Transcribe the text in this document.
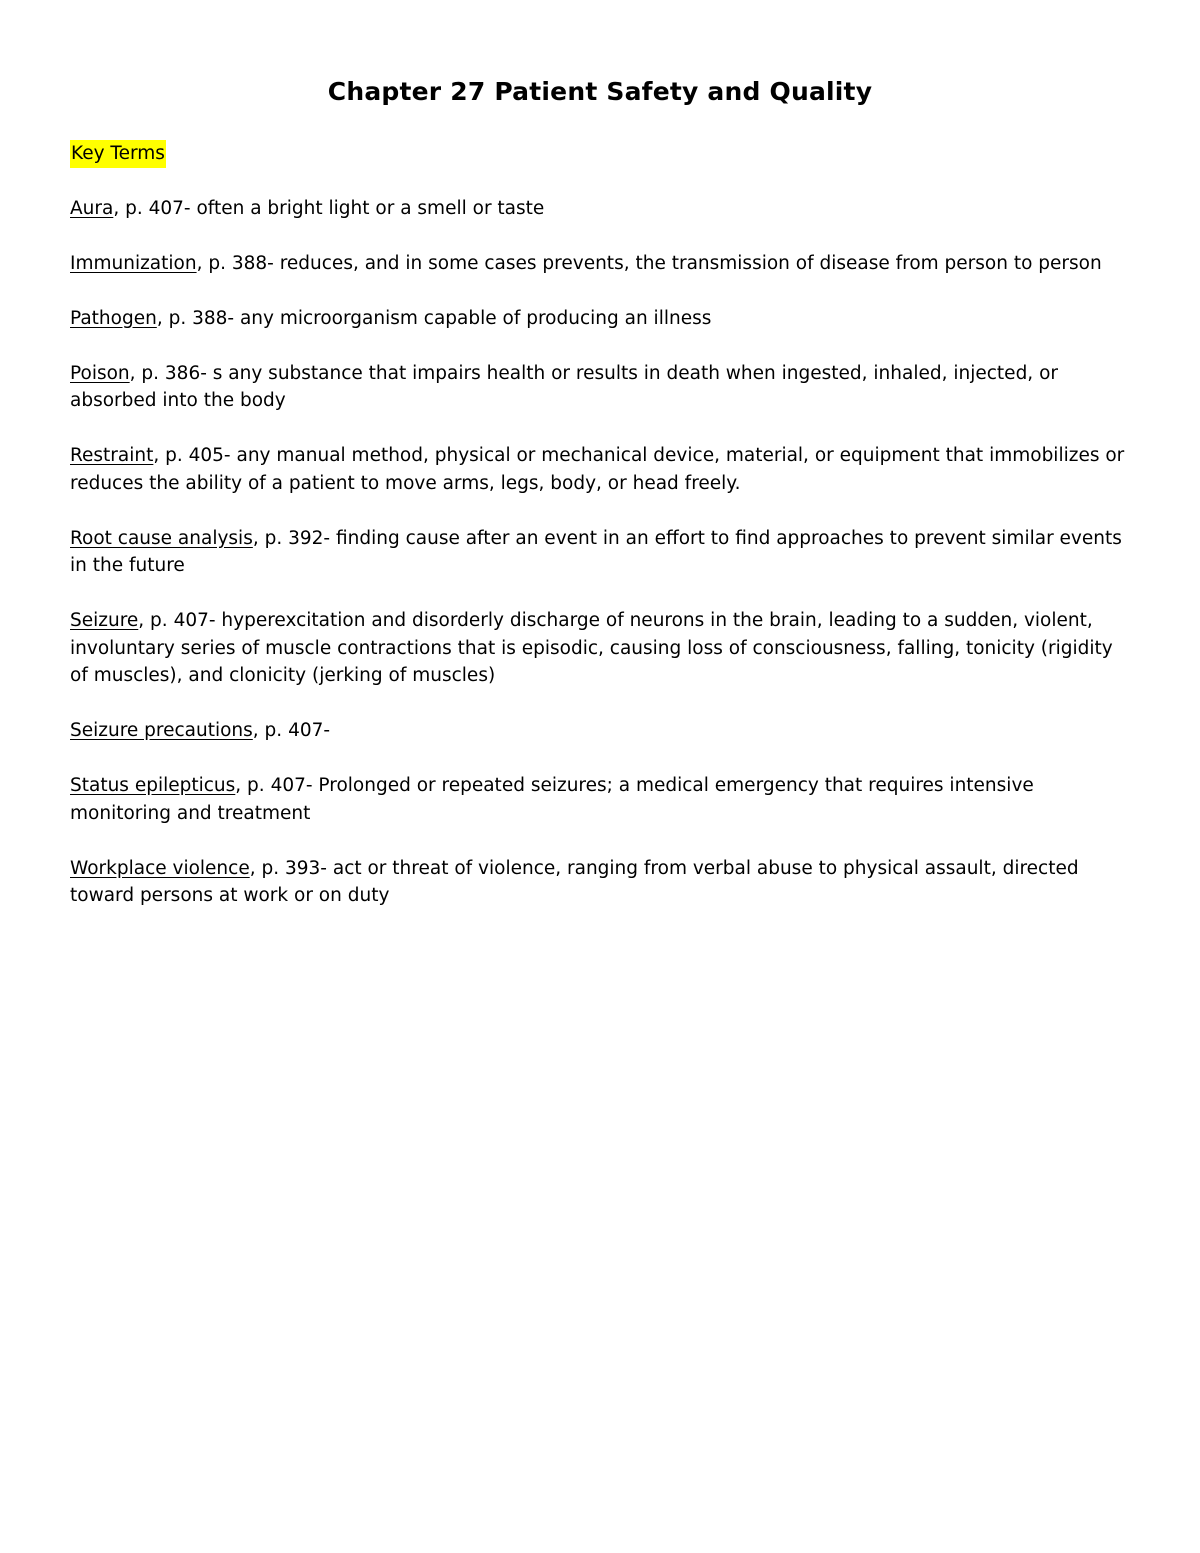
Chapter 27 Patient Safety and Quality
Key Terms

Aura, p. 407- often a bright light or a smell or taste

Immunization, p. 388- reduces, and in some cases prevents, the transmission of disease from person to person

Pathogen, p. 388- any microorganism capable of producing an illness

Poison, p. 386- s any substance that impairs health or results in death when ingested, inhaled, injected, or absorbed into the body

Restraint, p. 405- any manual method, physical or mechanical device, material, or equipment that immobilizes or reduces the ability of a patient to move arms, legs, body, or head freely.

Root cause analysis, p. 392- finding cause after an event in an effort to find approaches to prevent similar events in the future

Seizure, p. 407- hyperexcitation and disorderly discharge of neurons in the brain, leading to a sudden, violent, involuntary series of muscle contractions that is episodic, causing loss of consciousness, falling, tonicity (rigidity of muscles), and clonicity (jerking of muscles)

Seizure precautions, p. 407-

Status epilepticus, p. 407- Prolonged or repeated seizures; a medical emergency that requires intensive monitoring and treatment

Workplace violence, p. 393- act or threat of violence, ranging from verbal abuse to physical assault, directed toward persons at work or on duty
